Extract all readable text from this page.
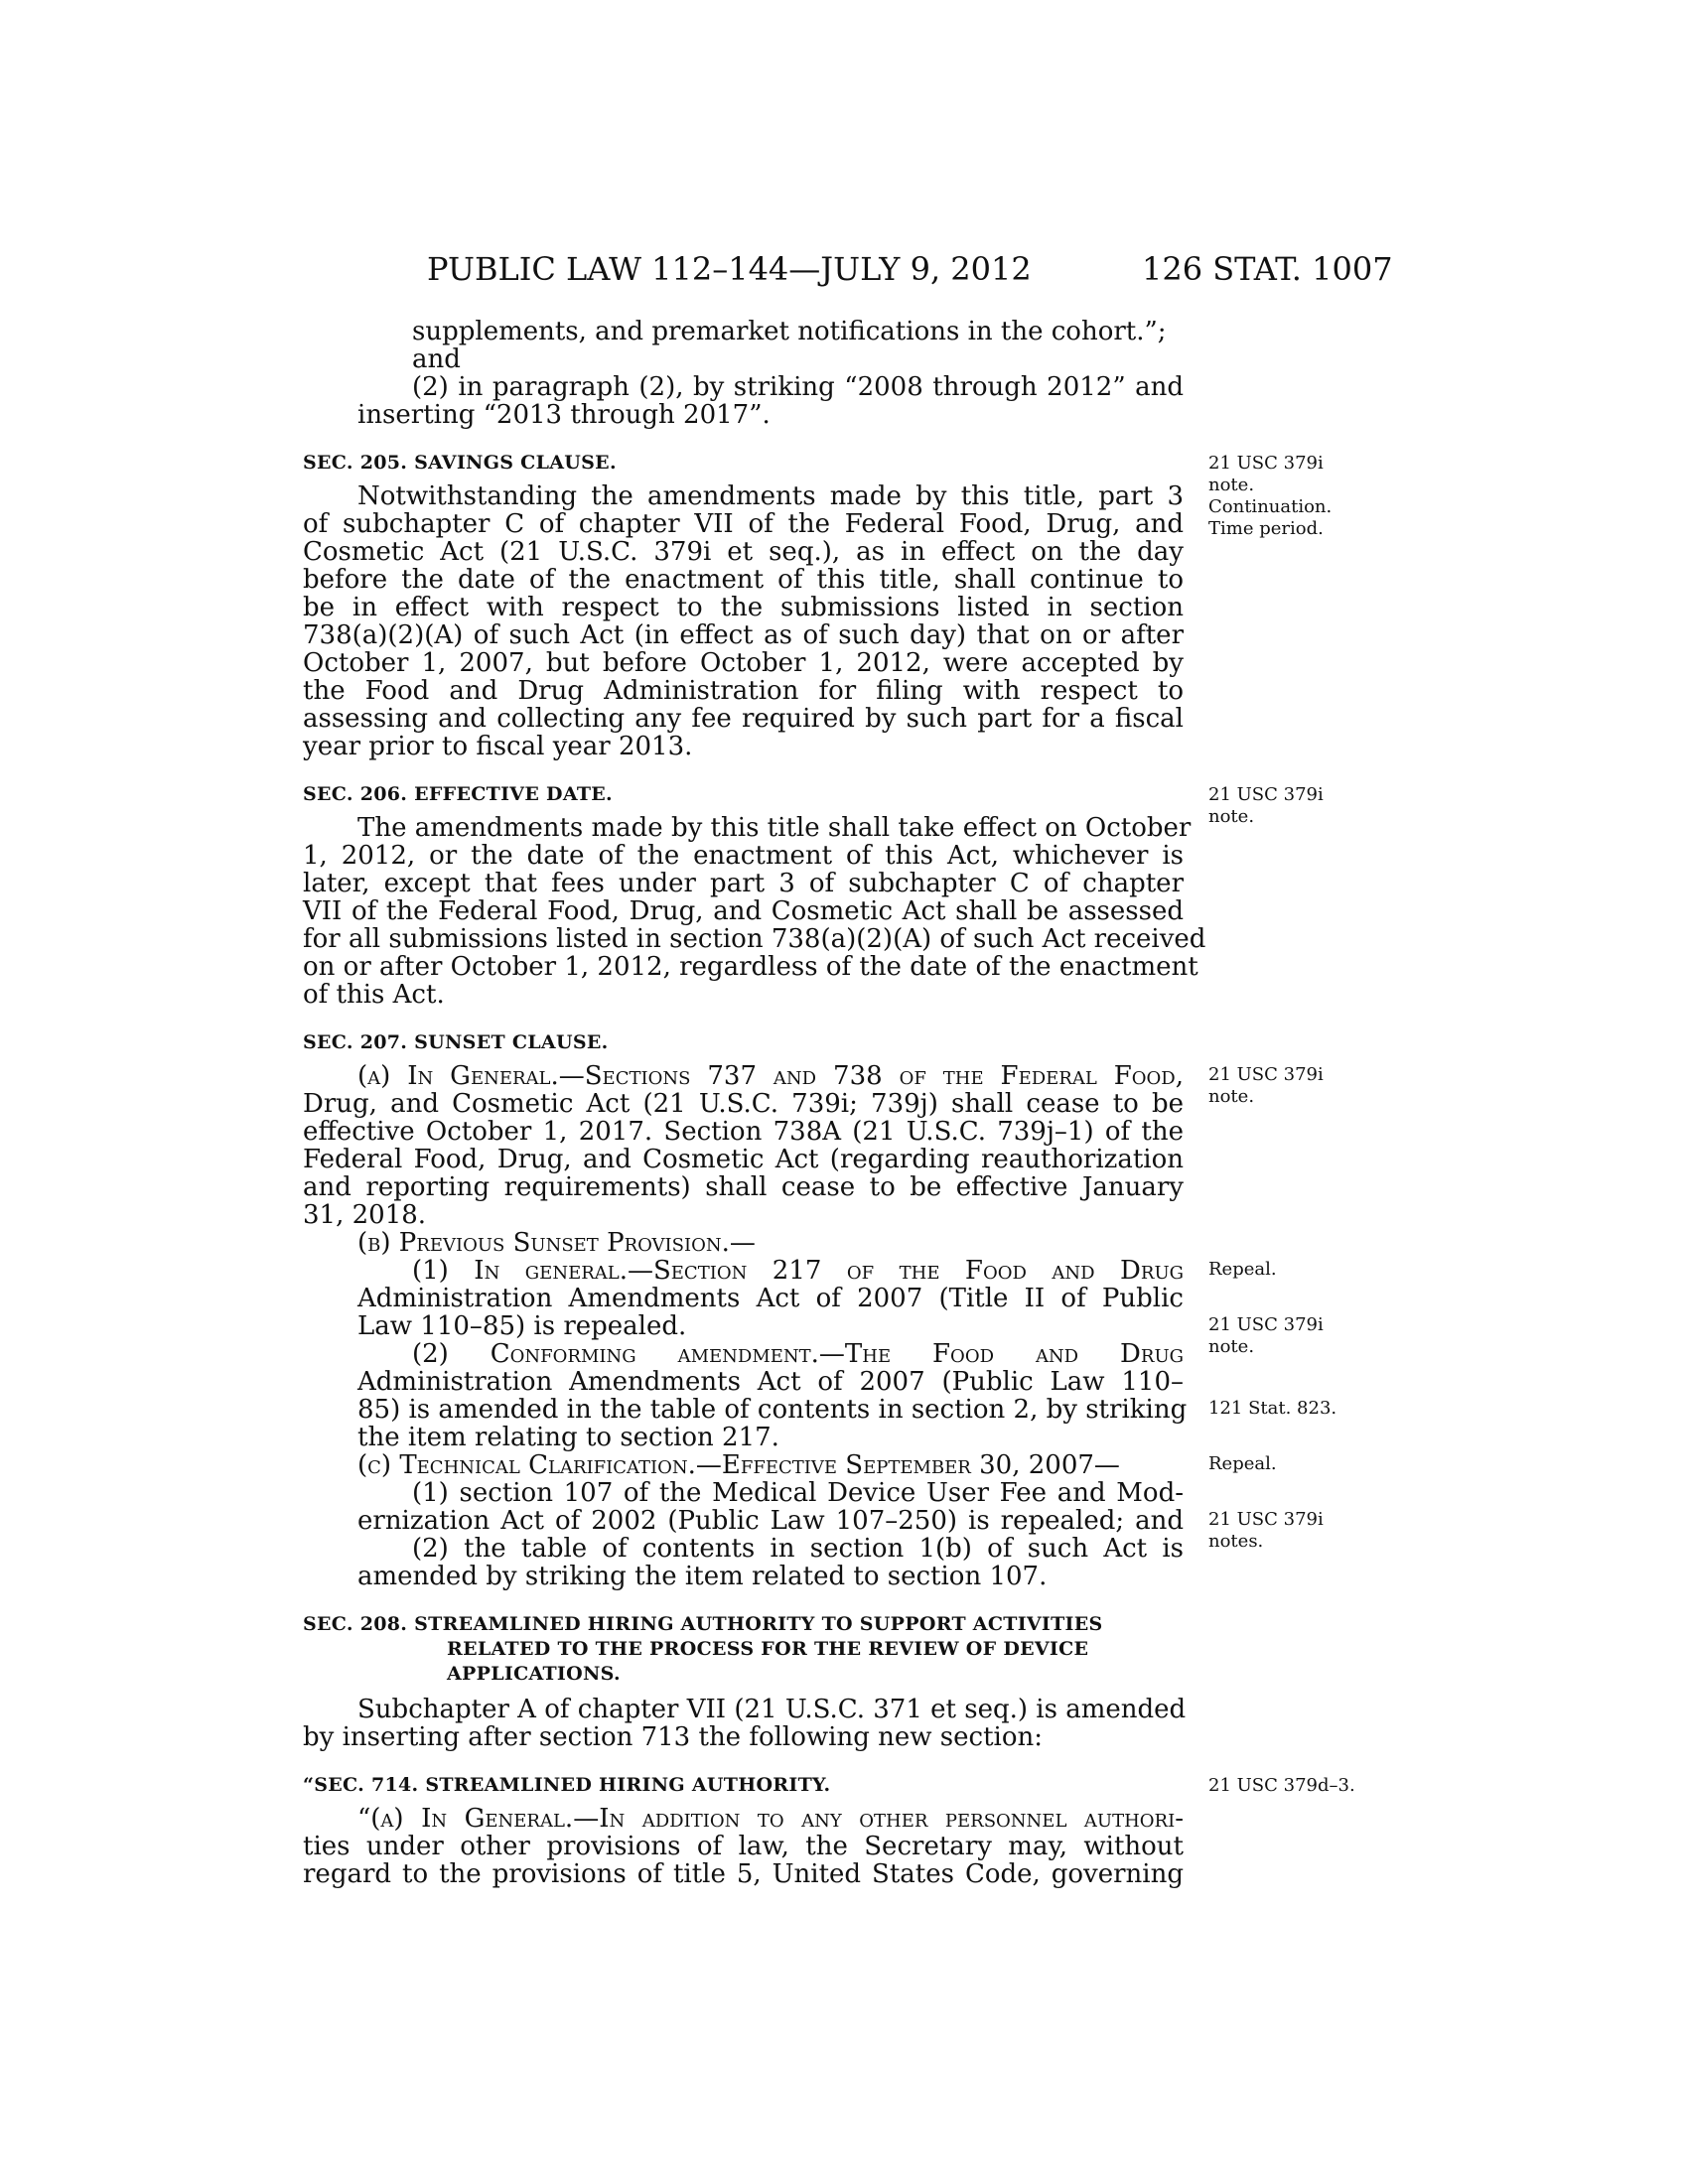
PUBLIC LAW 112–144—JULY 9, 2012	126 STAT. 1007
supplements, and premarket notifications in the cohort.”;
and
(2) in paragraph (2), by striking “2008 through 2012” and
inserting “2013 through 2017”.
SEC. 205. SAVINGS CLAUSE.
Notwithstanding the amendments made by this title, part 3
of subchapter C of chapter VII of the Federal Food, Drug, and
Cosmetic Act (21 U.S.C. 379i et seq.), as in effect on the day
before the date of the enactment of this title, shall continue to
be in effect with respect to the submissions listed in section
738(a)(2)(A) of such Act (in effect as of such day) that on or after
October 1, 2007, but before October 1, 2012, were accepted by
the Food and Drug Administration for filing with respect to
assessing and collecting any fee required by such part for a fiscal
year prior to fiscal year 2013.
SEC. 206. EFFECTIVE DATE.
The amendments made by this title shall take effect on October
1, 2012, or the date of the enactment of this Act, whichever is
later, except that fees under part 3 of subchapter C of chapter
VII of the Federal Food, Drug, and Cosmetic Act shall be assessed
for all submissions listed in section 738(a)(2)(A) of such Act received
on or after October 1, 2012, regardless of the date of the enactment
of this Act.
SEC. 207. SUNSET CLAUSE.
(a) In General.—Sections 737 and 738 of the Federal Food,
Drug, and Cosmetic Act (21 U.S.C. 739i; 739j) shall cease to be
effective October 1, 2017. Section 738A (21 U.S.C. 739j–1) of the
Federal Food, Drug, and Cosmetic Act (regarding reauthorization
and reporting requirements) shall cease to be effective January
31, 2018.
(b) Previous Sunset Provision.—
(1) In general.—Section 217 of the Food and Drug
Administration Amendments Act of 2007 (Title II of Public
Law 110–85) is repealed.
(2) Conforming amendment.—The Food and Drug
Administration Amendments Act of 2007 (Public Law 110–
85) is amended in the table of contents in section 2, by striking
the item relating to section 217.
(c) Technical Clarification.—Effective September 30, 2007—
(1) section 107 of the Medical Device User Fee and Mod-
ernization Act of 2002 (Public Law 107–250) is repealed; and
(2) the table of contents in section 1(b) of such Act is
amended by striking the item related to section 107.
SEC. 208. STREAMLINED HIRING AUTHORITY TO SUPPORT ACTIVITIES
RELATED TO THE PROCESS FOR THE REVIEW OF DEVICE
APPLICATIONS.
Subchapter A of chapter VII (21 U.S.C. 371 et seq.) is amended
by inserting after section 713 the following new section:
“SEC. 714. STREAMLINED HIRING AUTHORITY.
“(a) In General.—In addition to any other personnel authori-
ties under other provisions of law, the Secretary may, without
regard to the provisions of title 5, United States Code, governing
21 USC 379i
note.
Continuation.
Time period.
21 USC 379i
note.
21 USC 379i
note.
Repeal.
21 USC 379i
note.
121 Stat. 823.
Repeal.
21 USC 379i
notes.
21 USC 379d–3.
